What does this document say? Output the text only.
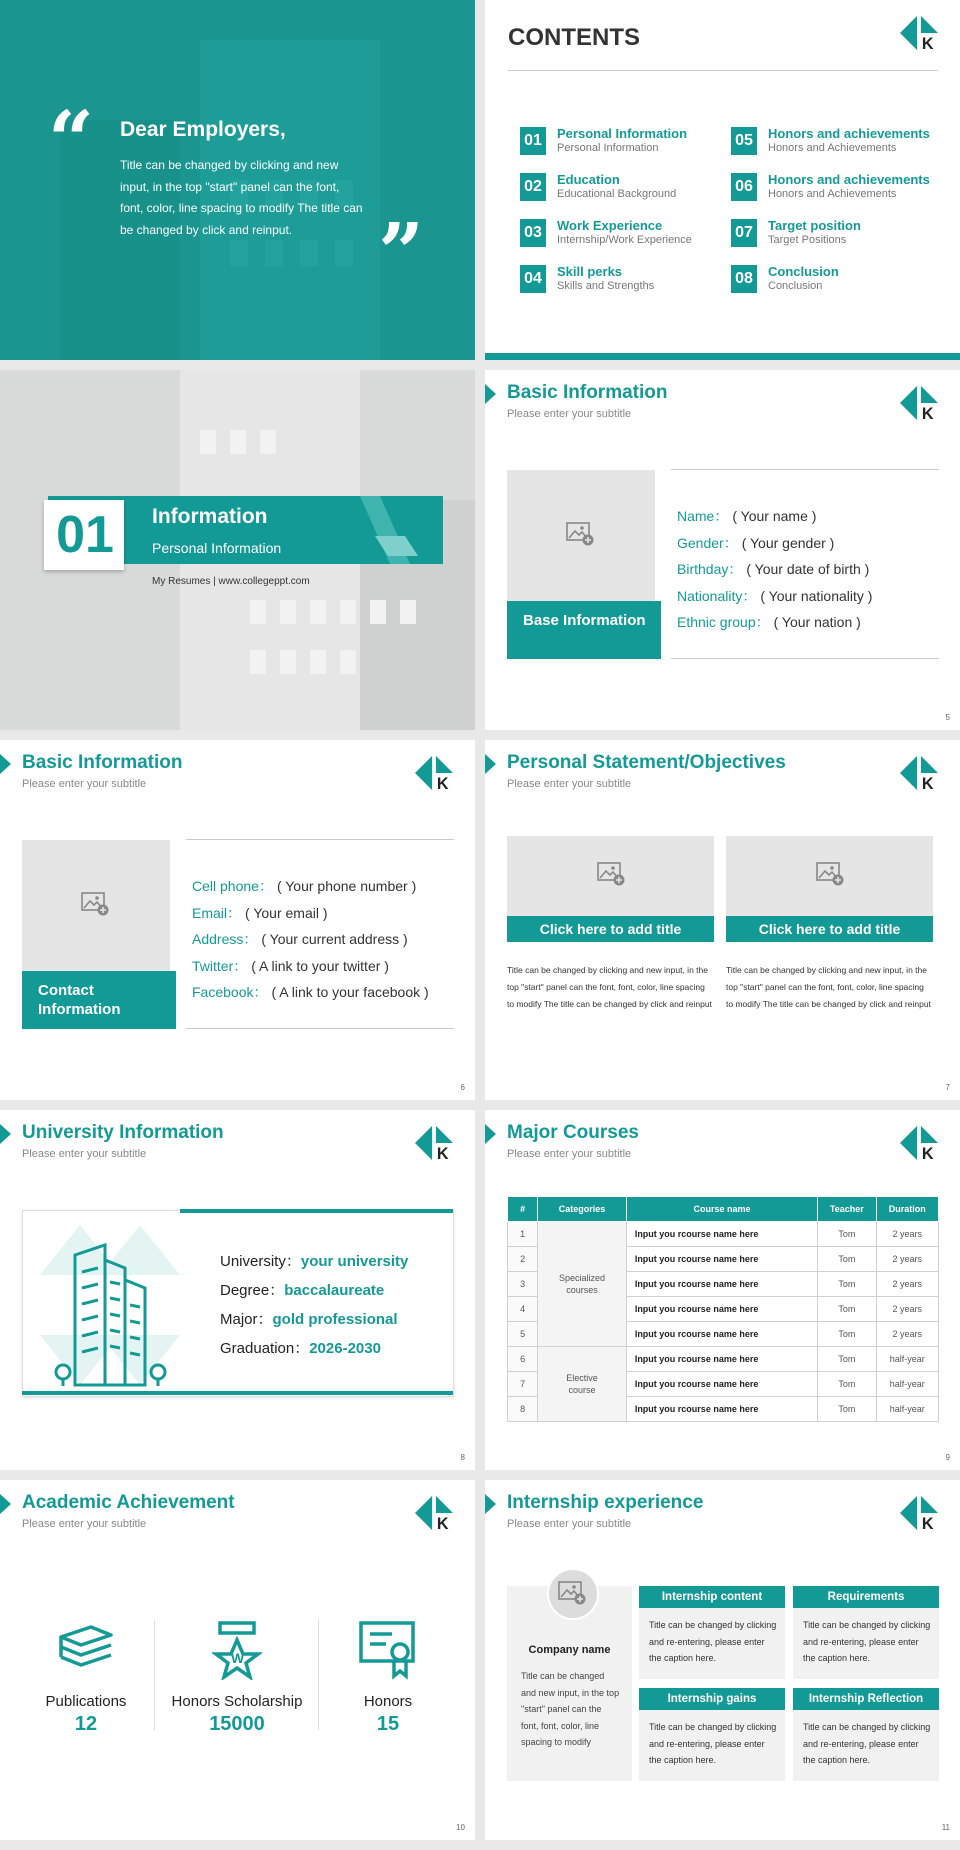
“ Dear Employers,
Title can be changed by clicking and new input, in the top "start" panel can the font, font, color, line spacing to modify The title can be changed by click and reinput.	”
CONTENTS
01	Personal Information
Personal Information
02	Education
Educational Background
03	Work Experience
Internship/Work Experience
04	Skill perks
Skills and Strengths
05	Honors and achievements
Honors and Achievements
06	Honors and achievements
Honors and Achievements
07	Target position
Target Positions
08	Conclusion
Conclusion
01 Information
Personal Information
My Resumes | www.collegeppt.com
Basic Information
Please enter your subtitle
Base Information
Name： ( Your name )
Gender： ( Your gender )
Birthday： ( Your date of birth )
Nationality： ( Your nationality )
Ethnic group： ( Your nation )
5
Basic Information
Please enter your subtitle
Contact Information
Cell phone： ( Your phone number )
Email： ( Your email )
Address： ( Your current address )
Twitter： ( A link to your twitter )
Facebook： ( A link to your facebook )
6
Personal Statement/Objectives
Please enter your subtitle
Click here to add title
Title can be changed by clicking and new input, in the top "start" panel can the font, font, color, line spacing to modify The title can be changed by click and reinput
Click here to add title
Title can be changed by clicking and new input, in the top "start" panel can the font, font, color, line spacing to modify The title can be changed by click and reinput
7
University Information
Please enter your subtitle
University：your university
Degree：baccalaureate
Major：gold professional
Graduation：2026-2030
8
Major Courses
Please enter your subtitle
#	Categories	Course name	Teacher	Duration
1	Specialized courses	Input you rcourse name here	Tom	2 years
2		Input you rcourse name here	Tom	2 years
3		Input you rcourse name here	Tom	2 years
4		Input you rcourse name here	Tom	2 years
5		Input you rcourse name here	Tom	2 years
6	Elective course	Input you rcourse name here	Tom	half-year
7		Input you rcourse name here	Tom	half-year
8		Input you rcourse name here	Tom	half-year
9
Academic Achievement
Please enter your subtitle
W
Publications
12
Honors Scholarship
15000
Honors
15
10
Internship experience
Please enter your subtitle
Company name
Title can be changed and new input, in the top "start" panel can the font, font, color, line spacing to modify
Internship content
Title can be changed by clicking and re-entering, please enter the caption here.
Requirements
Title can be changed by clicking and re-entering, please enter the caption here.
Internship gains
Title can be changed by clicking and re-entering, please enter the caption here.
Internship Reflection
Title can be changed by clicking and re-entering, please enter the caption here.
11
